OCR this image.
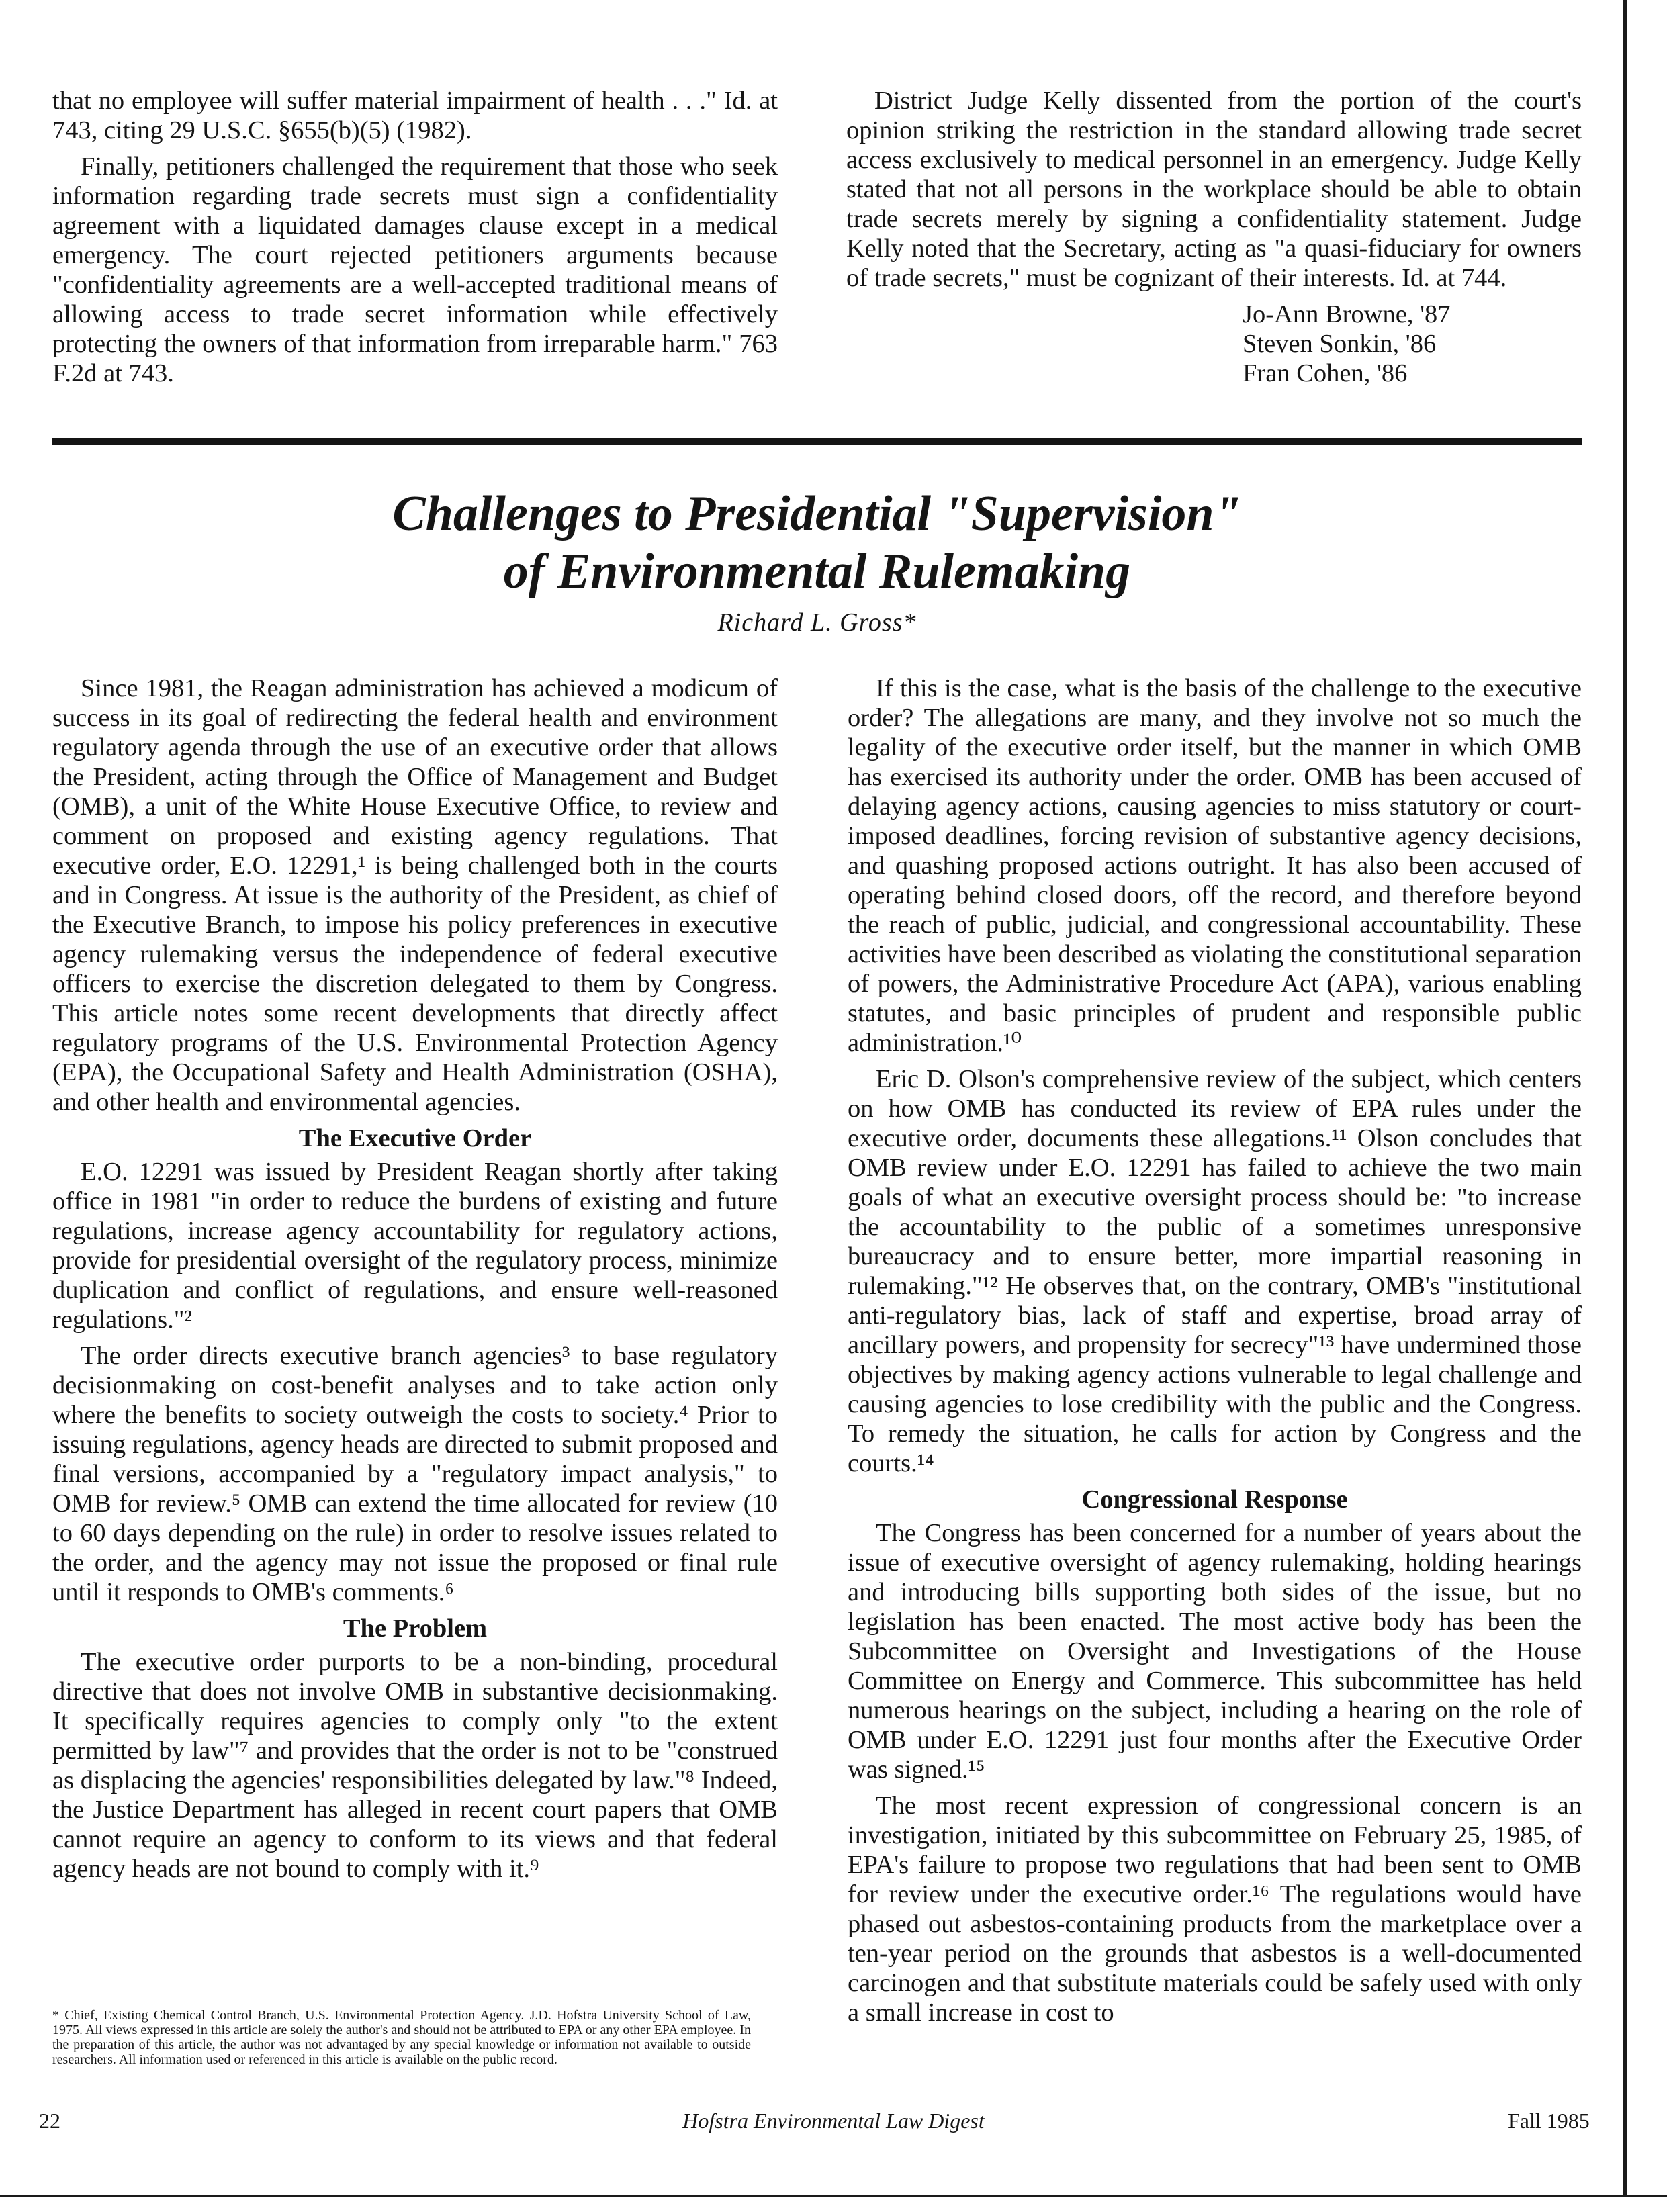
that no employee will suffer material impairment of health . . ." Id. at 743, citing 29 U.S.C. §655(b)(5) (1982).

Finally, petitioners challenged the requirement that those who seek information regarding trade secrets must sign a confidentiality agreement with a liquidated damages clause except in a medical emergency. The court rejected petitioners arguments because "confidentiality agreements are a well-accepted traditional means of allowing access to trade secret information while effectively protecting the owners of that information from irreparable harm." 763 F.2d at 743.

District Judge Kelly dissented from the portion of the court's opinion striking the restriction in the standard allowing trade secret access exclusively to medical personnel in an emergency. Judge Kelly stated that not all persons in the workplace should be able to obtain trade secrets merely by signing a confidentiality statement. Judge Kelly noted that the Secretary, acting as "a quasi-fiduciary for owners of trade secrets," must be cognizant of their interests. Id. at 744.

Jo-Ann Browne, '87
Steven Sonkin, '86
Fran Cohen, '86
Challenges to Presidential "Supervision"
of Environmental Rulemaking
Richard L. Gross*

Since 1981, the Reagan administration has achieved a modicum of success in its goal of redirecting the federal health and environment regulatory agenda through the use of an executive order that allows the President, acting through the Office of Management and Budget (OMB), a unit of the White House Executive Office, to review and comment on proposed and existing agency regulations. That executive order, E.O. 12291,¹ is being challenged both in the courts and in Congress. At issue is the authority of the President, as chief of the Executive Branch, to impose his policy preferences in executive agency rulemaking versus the independence of federal executive officers to exercise the discretion delegated to them by Congress. This article notes some recent developments that directly affect regulatory programs of the U.S. Environmental Protection Agency (EPA), the Occupational Safety and Health Administration (OSHA), and other health and environmental agencies.

The Executive Order

E.O. 12291 was issued by President Reagan shortly after taking office in 1981 "in order to reduce the burdens of existing and future regulations, increase agency accountability for regulatory actions, provide for presidential oversight of the regulatory process, minimize duplication and conflict of regulations, and ensure well-reasoned regulations."²

The order directs executive branch agencies³ to base regulatory decisionmaking on cost-benefit analyses and to take action only where the benefits to society outweigh the costs to society.⁴ Prior to issuing regulations, agency heads are directed to submit proposed and final versions, accompanied by a "regulatory impact analysis," to OMB for review.⁵ OMB can extend the time allocated for review (10 to 60 days depending on the rule) in order to resolve issues related to the order, and the agency may not issue the proposed or final rule until it responds to OMB's comments.⁶

The Problem

The executive order purports to be a non-binding, procedural directive that does not involve OMB in substantive decisionmaking. It specifically requires agencies to comply only "to the extent permitted by law"⁷ and provides that the order is not to be "construed as displacing the agencies' responsibilities delegated by law."⁸ Indeed, the Justice Department has alleged in recent court papers that OMB cannot require an agency to conform to its views and that federal agency heads are not bound to comply with it.⁹

* Chief, Existing Chemical Control Branch, U.S. Environmental Protection Agency. J.D. Hofstra University School of Law, 1975. All views expressed in this article are solely the author's and should not be attributed to EPA or any other EPA employee. In the preparation of this article, the author was not advantaged by any special knowledge or information not available to outside researchers. All information used or referenced in this article is available on the public record.

If this is the case, what is the basis of the challenge to the executive order? The allegations are many, and they involve not so much the legality of the executive order itself, but the manner in which OMB has exercised its authority under the order. OMB has been accused of delaying agency actions, causing agencies to miss statutory or court-imposed deadlines, forcing revision of substantive agency decisions, and quashing proposed actions outright. It has also been accused of operating behind closed doors, off the record, and therefore beyond the reach of public, judicial, and congressional accountability. These activities have been described as violating the constitutional separation of powers, the Administrative Procedure Act (APA), various enabling statutes, and basic principles of prudent and responsible public administration.¹⁰

Eric D. Olson's comprehensive review of the subject, which centers on how OMB has conducted its review of EPA rules under the executive order, documents these allegations.¹¹ Olson concludes that OMB review under E.O. 12291 has failed to achieve the two main goals of what an executive oversight process should be: "to increase the accountability to the public of a sometimes unresponsive bureaucracy and to ensure better, more impartial reasoning in rulemaking."¹² He observes that, on the contrary, OMB's "institutional anti-regulatory bias, lack of staff and expertise, broad array of ancillary powers, and propensity for secrecy"¹³ have undermined those objectives by making agency actions vulnerable to legal challenge and causing agencies to lose credibility with the public and the Congress. To remedy the situation, he calls for action by Congress and the courts.¹⁴

Congressional Response

The Congress has been concerned for a number of years about the issue of executive oversight of agency rulemaking, holding hearings and introducing bills supporting both sides of the issue, but no legislation has been enacted. The most active body has been the Subcommittee on Oversight and Investigations of the House Committee on Energy and Commerce. This subcommittee has held numerous hearings on the subject, including a hearing on the role of OMB under E.O. 12291 just four months after the Executive Order was signed.¹⁵

The most recent expression of congressional concern is an investigation, initiated by this subcommittee on February 25, 1985, of EPA's failure to propose two regulations that had been sent to OMB for review under the executive order.¹⁶ The regulations would have phased out asbestos-containing products from the marketplace over a ten-year period on the grounds that asbestos is a well-documented carcinogen and that substitute materials could be safely used with only a small increase in cost to

22	Hofstra Environmental Law Digest	Fall 1985
